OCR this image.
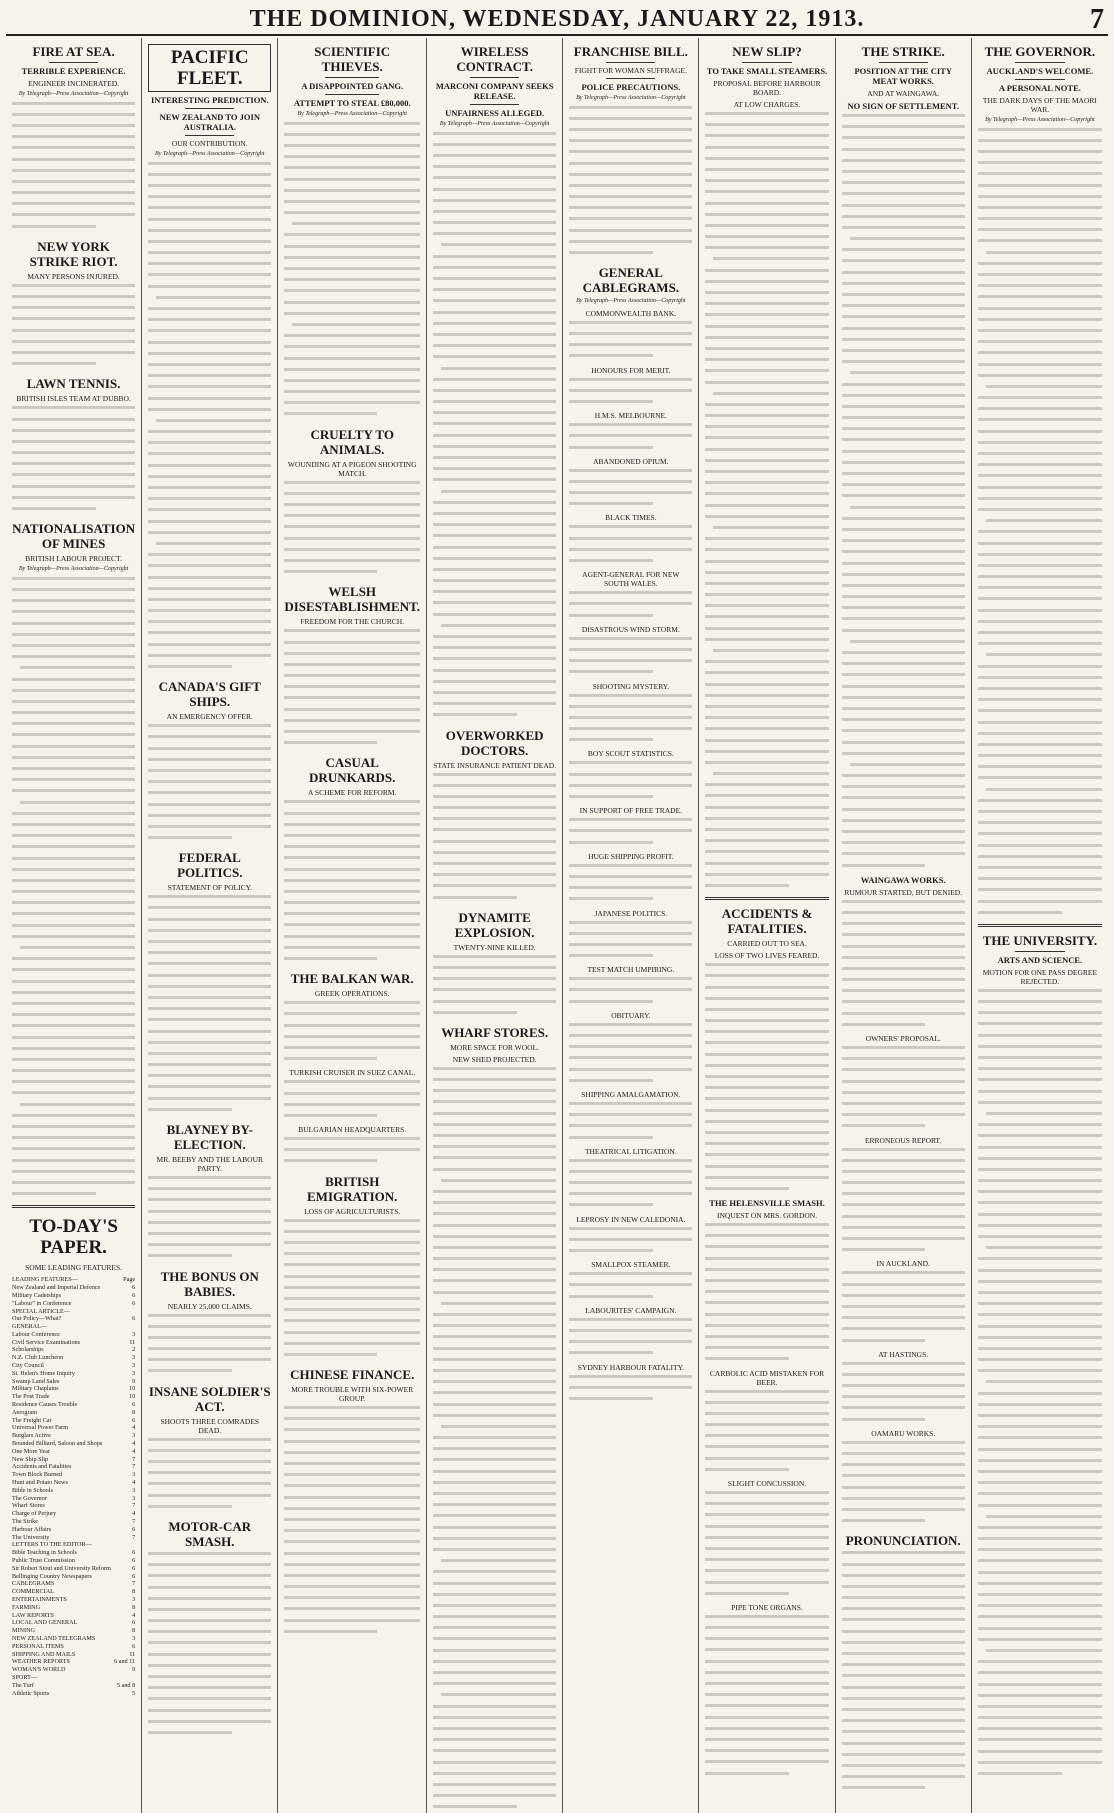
THE DOMINION, WEDNESDAY, JANUARY 22, 1913.	7
FIRE AT SEA.
TERRIBLE EXPERIENCE.
ENGINEER INCINERATED.
By Telegraph—Press Association—Copyright
NEW YORK STRIKE RIOT.
MANY PERSONS INJURED.
LAWN TENNIS.
BRITISH ISLES TEAM AT DUBBO.
NATIONALISATION OF MINES
BRITISH LABOUR PROJECT.
By Telegraph—Press Association—Copyright
TO-DAY'S PAPER.
SOME LEADING FEATURES.
LEADING FEATURES—	Page
New Zealand and Imperial Defence	6
Military Cadetships	6
"Labour" in Conference	6
SPECIAL ARTICLE—
Our Policy—What?	6
GENERAL—
Labour Conference	3
Civil Service Examinations	11
Scholarships	2
N.Z. Club Luncheon	3
City Council	3
St. Helen's Home Inquiry	3
Swamp Land Sales	9
Military Chaplains	10
The Post Trade	10
Residence Causes Trouble	6
Aerogram	8
The Freight Car	6
Universal Power Farm	4
Burglars Active	3
Bounded Billiard, Saloon and Shops	4
One More Year	4
New Ship Slip	7
Accidents and Fatalities	7
Town Block Burned	3
Hunt and Potato News	4
Bible in Schools	3
The Governor	3
Wharf Stores	7
Charge of Perjury	4
The Strike	7
Harbour Affairs	6
The University	7
LETTERS TO THE EDITOR—
Bible Teaching in Schools	6
Public Trust Commission	6
Sir Robert Stout and University Reform	6
Bellinging Country Newspapers	6
CABLEGRAMS	7
COMMERCIAL	8
ENTERTAINMENTS	3
FARMING	8
LAW REPORTS	4
LOCAL AND GENERAL	6
MINING	8
NEW ZEALAND TELEGRAMS	3
PERSONAL ITEMS	6
SHIPPING AND MAILS	11
WEATHER REPORTS	6 and 11
WOMAN'S WORLD	9
SPORT—
The Turf	5 and 8
Athletic Sports	5
PACIFIC FLEET.
INTERESTING PREDICTION.
NEW ZEALAND TO JOIN AUSTRALIA.
OUR CONTRIBUTION.
By Telegraph—Press Association—Copyright
CANADA'S GIFT SHIPS.
AN EMERGENCY OFFER.
FEDERAL POLITICS.
STATEMENT OF POLICY.
BLAYNEY BY-ELECTION.
MR. BEEBY AND THE LABOUR PARTY.
THE BONUS ON BABIES.
NEARLY 25,000 CLAIMS.
INSANE SOLDIER'S ACT.
SHOOTS THREE COMRADES DEAD.
MOTOR-CAR SMASH.
SCIENTIFIC THIEVES.
A DISAPPOINTED GANG.
ATTEMPT TO STEAL £80,000.
By Telegraph—Press Association—Copyright
CRUELTY TO ANIMALS.
WOUNDING AT A PIGEON SHOOTING MATCH.
WELSH DISESTABLISHMENT.
FREEDOM FOR THE CHURCH.
CASUAL DRUNKARDS.
A SCHEME FOR REFORM.
THE BALKAN WAR.
GREEK OPERATIONS.
TURKISH CRUISER IN SUEZ CANAL.
BULGARIAN HEADQUARTERS.
BRITISH EMIGRATION.
LOSS OF AGRICULTURISTS.
CHINESE FINANCE.
MORE TROUBLE WITH SIX-POWER GROUP.
WIRELESS CONTRACT.
MARCONI COMPANY SEEKS RELEASE.
UNFAIRNESS ALLEGED.
By Telegraph—Press Association—Copyright
OVERWORKED DOCTORS.
STATE INSURANCE PATIENT DEAD.
DYNAMITE EXPLOSION.
TWENTY-NINE KILLED.
WHARF STORES.
MORE SPACE FOR WOOL.
NEW SHED PROJECTED.
FRANCHISE BILL.
FIGHT FOR WOMAN SUFFRAGE.
POLICE PRECAUTIONS.
By Telegraph—Press Association—Copyright
GENERAL CABLEGRAMS.
By Telegraph—Press Association—Copyright
COMMONWEALTH BANK.
HONOURS FOR MERIT.
H.M.S. MELBOURNE.
ABANDONED OPIUM.
BLACK TIMES.
AGENT-GENERAL FOR NEW SOUTH WALES.
DISASTROUS WIND STORM.
SHOOTING MYSTERY.
BOY SCOUT STATISTICS.
IN SUPPORT OF FREE TRADE.
HUGE SHIPPING PROFIT.
JAPANESE POLITICS.
TEST MATCH UMPIRING.
OBITUARY.
SHIPPING AMALGAMATION.
THEATRICAL LITIGATION.
LEPROSY IN NEW CALEDONIA.
SMALLPOX STEAMER.
LABOURITES' CAMPAIGN.
SYDNEY HARBOUR FATALITY.
NEW SLIP?
TO TAKE SMALL STEAMERS.
PROPOSAL BEFORE HARBOUR BOARD.
AT LOW CHARGES.
ACCIDENTS & FATALITIES.
CARRIED OUT TO SEA.
LOSS OF TWO LIVES FEARED.
THE HELENSVILLE SMASH.
INQUEST ON MRS. GORDON.
CARBOLIC ACID MISTAKEN FOR BEER.
SLIGHT CONCUSSION.
PIPE TONE ORGANS.
THE STRIKE.
POSITION AT THE CITY MEAT WORKS.
AND AT WAINGAWA.
NO SIGN OF SETTLEMENT.
WAINGAWA WORKS.
RUMOUR STARTED, BUT DENIED.
OWNERS' PROPOSAL.
ERRONEOUS REPORT.
IN AUCKLAND.
AT HASTINGS.
OAMARU WORKS.
PRONUNCIATION.
THE GOVERNOR.
AUCKLAND'S WELCOME.
A PERSONAL NOTE.
THE DARK DAYS OF THE MAORI WAR.
By Telegraph—Press Association—Copyright
THE UNIVERSITY.
ARTS AND SCIENCE.
MOTION FOR ONE PASS DEGREE REJECTED.
